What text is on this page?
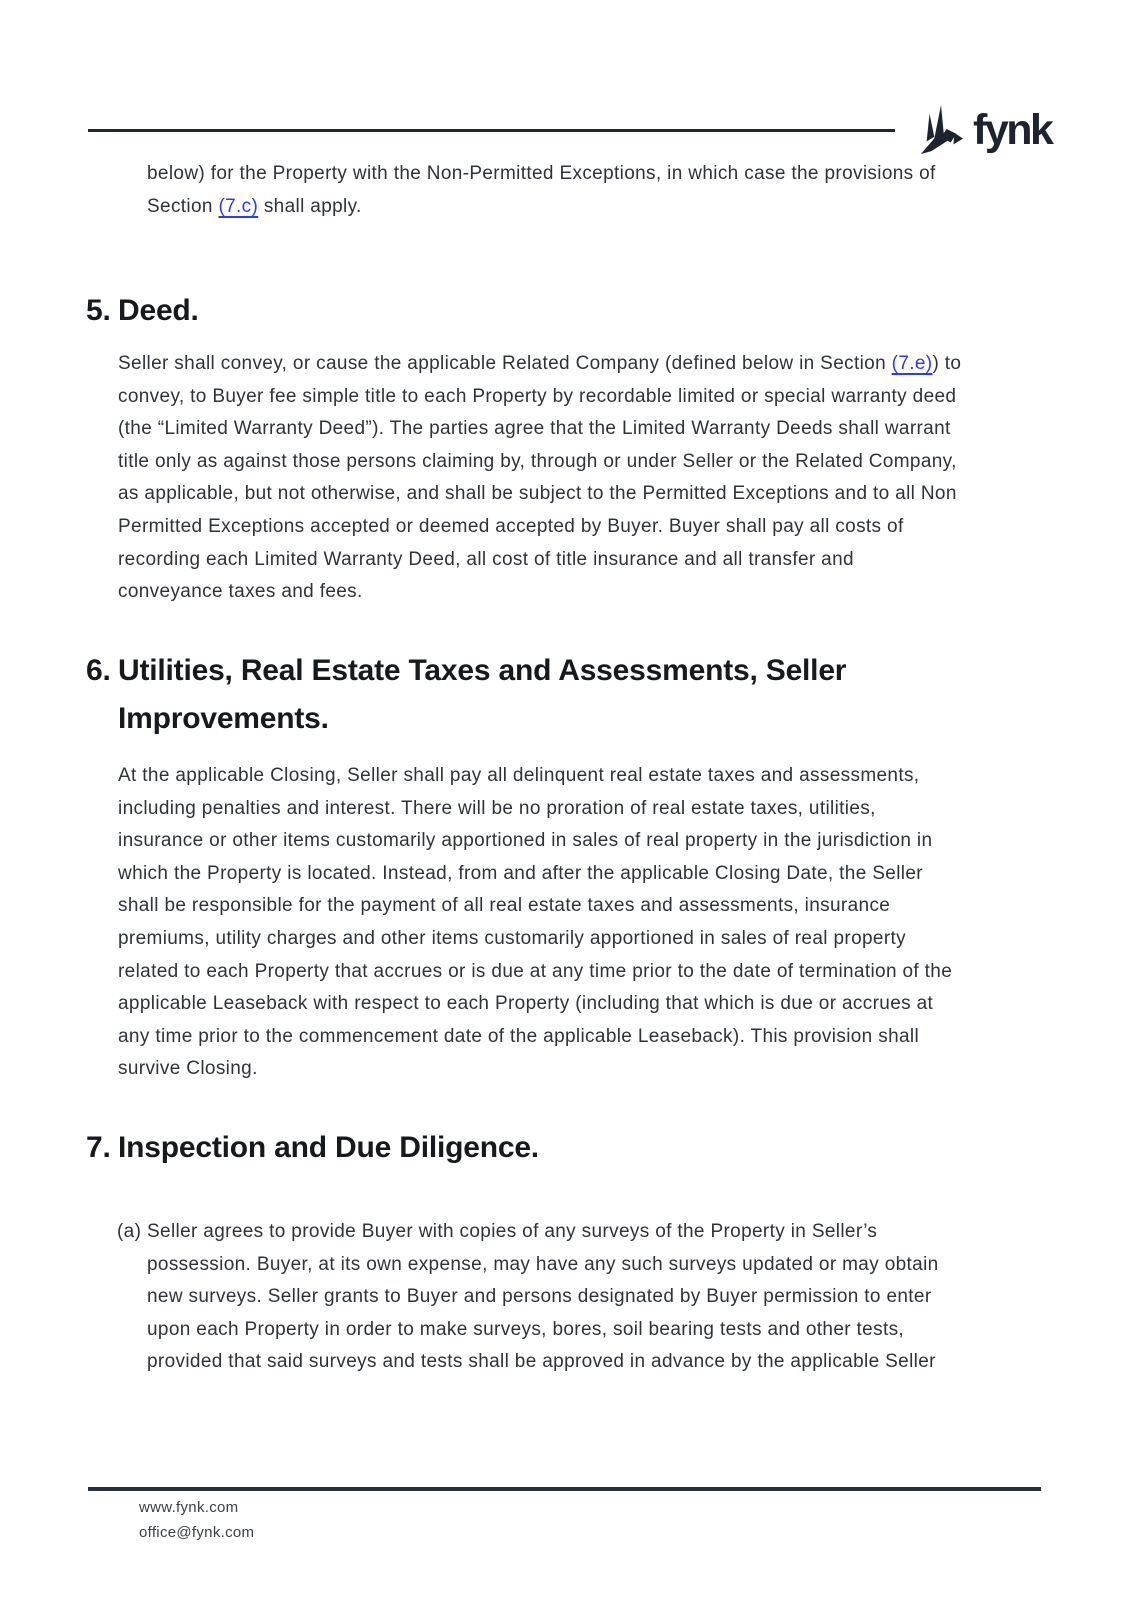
fynk
below) for the Property with the Non-Permitted Exceptions, in which case the provisions of
Section (7.c) shall apply.
5. Deed.
Seller shall convey, or cause the applicable Related Company (defined below in Section (7.e)) to
convey, to Buyer fee simple title to each Property by recordable limited or special warranty deed
(the “Limited Warranty Deed”). The parties agree that the Limited Warranty Deeds shall warrant
title only as against those persons claiming by, through or under Seller or the Related Company,
as applicable, but not otherwise, and shall be subject to the Permitted Exceptions and to all Non
Permitted Exceptions accepted or deemed accepted by Buyer. Buyer shall pay all costs of
recording each Limited Warranty Deed, all cost of title insurance and all transfer and
conveyance taxes and fees.
6. Utilities, Real Estate Taxes and Assessments, Seller
Improvements.
At the applicable Closing, Seller shall pay all delinquent real estate taxes and assessments,
including penalties and interest. There will be no proration of real estate taxes, utilities,
insurance or other items customarily apportioned in sales of real property in the jurisdiction in
which the Property is located. Instead, from and after the applicable Closing Date, the Seller
shall be responsible for the payment of all real estate taxes and assessments, insurance
premiums, utility charges and other items customarily apportioned in sales of real property
related to each Property that accrues or is due at any time prior to the date of termination of the
applicable Leaseback with respect to each Property (including that which is due or accrues at
any time prior to the commencement date of the applicable Leaseback). This provision shall
survive Closing.
7. Inspection and Due Diligence.
(a) Seller agrees to provide Buyer with copies of any surveys of the Property in Seller’s
possession. Buyer, at its own expense, may have any such surveys updated or may obtain
new surveys. Seller grants to Buyer and persons designated by Buyer permission to enter
upon each Property in order to make surveys, bores, soil bearing tests and other tests,
provided that said surveys and tests shall be approved in advance by the applicable Seller
www.fynk.com
office@fynk.com
